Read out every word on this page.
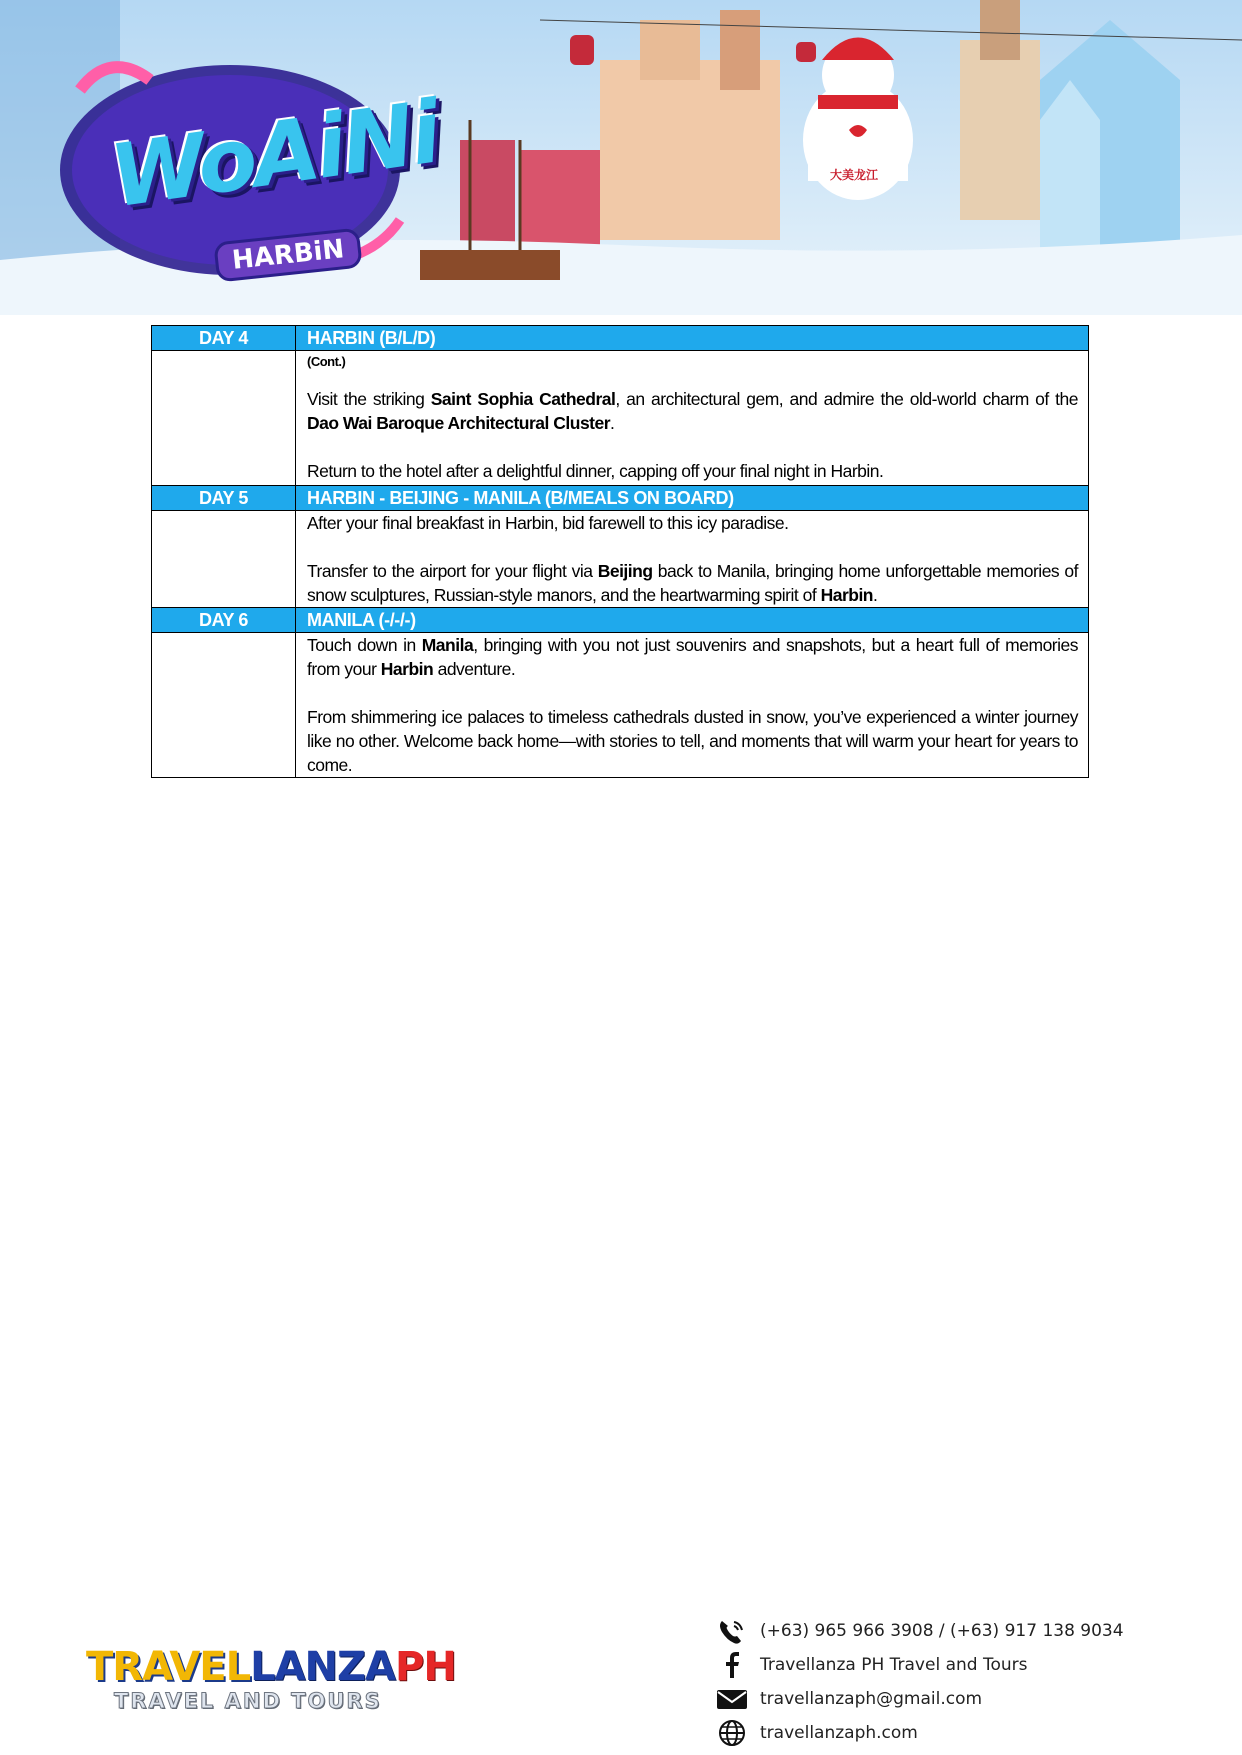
WoAiNi
HARBiN
大美龙江
DAY 4	HARBIN (B/L/D)

	(Cont.)

Visit the striking Saint Sophia Cathedral, an architectural gem, and admire the old-world charm of the Dao Wai Baroque Architectural Cluster.

Return to the hotel after a delightful dinner, capping off your final night in Harbin.

DAY 5	HARBIN - BEIJING - MANILA (B/MEALS ON BOARD)

	After your final breakfast in Harbin, bid farewell to this icy paradise.

Transfer to the airport for your flight via Beijing back to Manila, bringing home unforgettable memories of snow sculptures, Russian-style manors, and the heartwarming spirit of Harbin.

DAY 6	MANILA (-/-/-)

	Touch down in Manila, bringing with you not just souvenirs and snapshots, but a heart full of memories from your Harbin adventure.

From shimmering ice palaces to timeless cathedrals dusted in snow, you’ve experienced a winter journey like no other. Welcome back home—with stories to tell, and moments that will warm your heart for years to come.

TRAVELLANZAPH
TRAVEL AND TOURS
(+63) 965 966 3908 / (+63) 917 138 9034
Travellanza PH Travel and Tours
travellanzaph@gmail.com
travellanzaph.com
